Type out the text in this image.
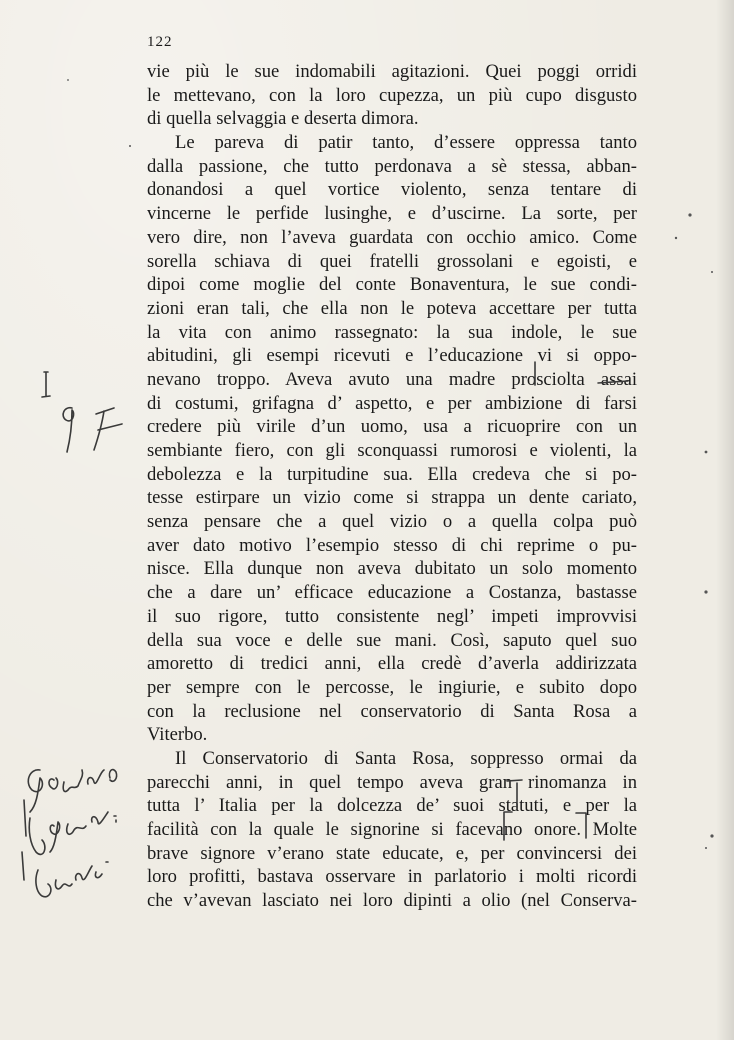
122
vie più le sue indomabili agitazioni. Quei poggi orridi
le mettevano, con la loro cupezza, un più cupo disgusto
di quella selvaggia e deserta dimora.
Le pareva di patir tanto, d’essere oppressa tanto
dalla passione, che tutto perdonava a sè stessa, abban-
donandosi a quel vortice violento, senza tentare di
vincerne le perfide lusinghe, e d’uscirne. La sorte, per
vero dire, non l’aveva guardata con occhio amico. Come
sorella schiava di quei fratelli grossolani e egoisti, e
dipoi come moglie del conte Bonaventura, le sue condi-
zioni eran tali, che ella non le poteva accettare per tutta
la vita con animo rassegnato: la sua indole, le sue
abitudini, gli esempi ricevuti e l’educazione vi si oppo-
nevano troppo. Aveva avuto una madre prosciolta assai
di costumi, grifagna d’ aspetto, e per ambizione di farsi
credere più virile d’un uomo, usa a ricuoprire con un
sembiante fiero, con gli sconquassi rumorosi e violenti, la
debolezza e la turpitudine sua. Ella credeva che si po-
tesse estirpare un vizio come si strappa un dente cariato,
senza pensare che a quel vizio o a quella colpa può
aver dato motivo l’esempio stesso di chi reprime o pu-
nisce. Ella dunque non aveva dubitato un solo momento
che a dare un’ efficace educazione a Costanza, bastasse
il suo rigore, tutto consistente negl’ impeti improvvisi
della sua voce e delle sue mani. Così, saputo quel suo
amoretto di tredici anni, ella credè d’averla addirizzata
per sempre con le percosse, le ingiurie, e subito dopo
con la reclusione nel conservatorio di Santa Rosa a
Viterbo.
Il Conservatorio di Santa Rosa, soppresso ormai da
parecchi anni, in quel tempo aveva gran rinomanza in
tutta l’ Italia per la dolcezza de’ suoi statuti, e per la
facilità con la quale le signorine si facevano onore. Molte
brave signore v’erano state educate, e, per convincersi dei
loro profitti, bastava osservare in parlatorio i molti ricordi
che v’avevan lasciato nei loro dipinti a olio (nel Conserva-
